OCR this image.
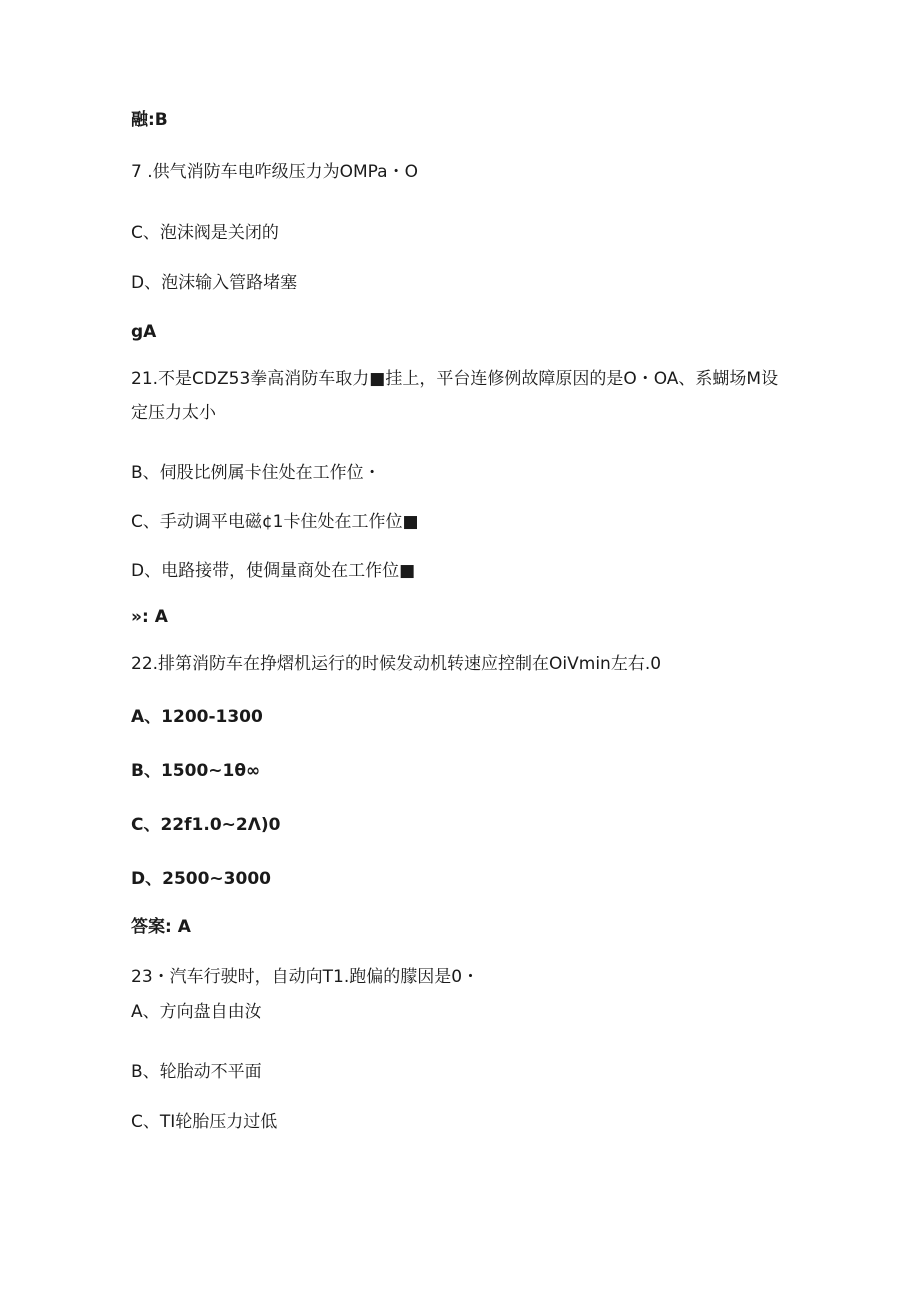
融:B
7 .供气消防车电咋级压力为OMPa・O
C、泡沫阀是关闭的
D、泡沫输入管路堵塞
gA
21.不是CDZ53拳高消防车取力■挂上，平台连修例故障原因的是O・OA、系蝴场M设
定压力太小
B、伺股比例属卡住处在工作位・
C、手动调平电磁¢1卡住处在工作位■
D、电路接带，使倜量商处在工作位■
»: A
22.排第消防车在挣熠机运行的时候发动机转速应控制在OiVmin左右.0
A、1200-1300
B、1500~1θ∞
C、22f1.0~2Λ)0
D、2500~3000
答案: A
23・汽车行驶时，自动向T1.跑偏的朦因是0・
A、方向盘自由汝
B、轮胎动不平面
C、TI轮胎压力过低
